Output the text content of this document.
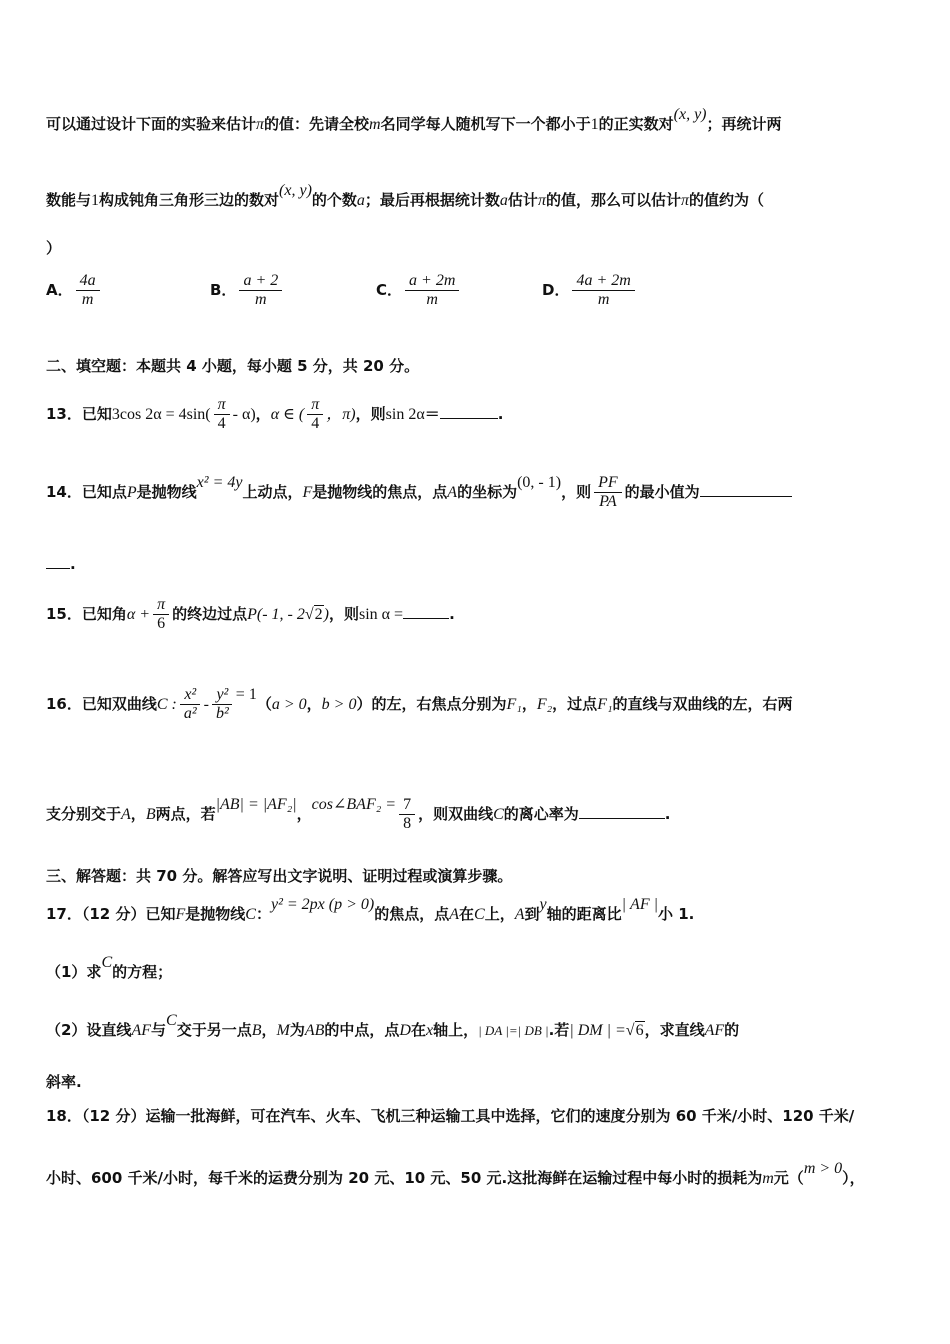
可以通过设计下面的实验来估计π的值：先请全校m名同学每人随机写下一个都小于1的正实数对(x, y)；再统计两
数能与1构成钝角三角形三边的数对(x, y)的个数a；最后再根据统计数a估计π的值，那么可以估计π的值约为（
）
A． $\frac{4a}{m}$	B． $\frac{a + 2}{m}$	C． $\frac{a + 2m}{m}$	D． $\frac{4a + 2m}{m}$
二、填空题：本题共 4 小题，每小题 5 分，共 20 分。
13．已知3cos $2\alpha = 4\sin( \frac{\pi}{4} - \alpha)$，α ∈ ( $\frac{\pi}{4}$ ，π)，则sin 2α＝	.
14．已知点P是抛物线x² = 4y上动点，F是抛物线的焦点，点A的坐标为(0, - 1)，则 $\frac{PF}{PA}$ 的最小值为
.
15．已知角$\alpha + \frac{\pi}{6}$ 的终边过点P(- 1, - 2√2)，则sin α =	.
16．已知双曲线C : $\frac{\text{x²}}{\text{a²}} - \frac{\text{y²}}{\text{b²}} = 1(a > 0$，b > 0）的左，右焦点分别为F₁，F₂，过点F₁的直线与双曲线的左，右两
支分别交于A，B两点，若|AB| = |AF₂|，cos∠BAF₂ = $\frac{7}{8}$ ，则双曲线C的离心率为	.
三、解答题：共 70 分。解答应写出文字说明、证明过程或演算步骤。
17．（12 分）已知F是抛物线C：y² = 2px (p > 0)的焦点，点A在C上，A到y轴的距离比| AF |小 1.
（1）求C的方程；
（2）设直线AF与C交于另一点B，M为AB的中点，点D在x轴上，| DA |=| DB |.若| DM | =√6，求直线AF的
斜率.
18．（12 分）运输一批海鲜，可在汽车、火车、飞机三种运输工具中选择，它们的速度分别为 60 千米/小时、120 千米/
小时、600 千米/小时，每千米的运费分别为 20 元、10 元、50 元.这批海鲜在运输过程中每小时的损耗为m元（m > 0），
